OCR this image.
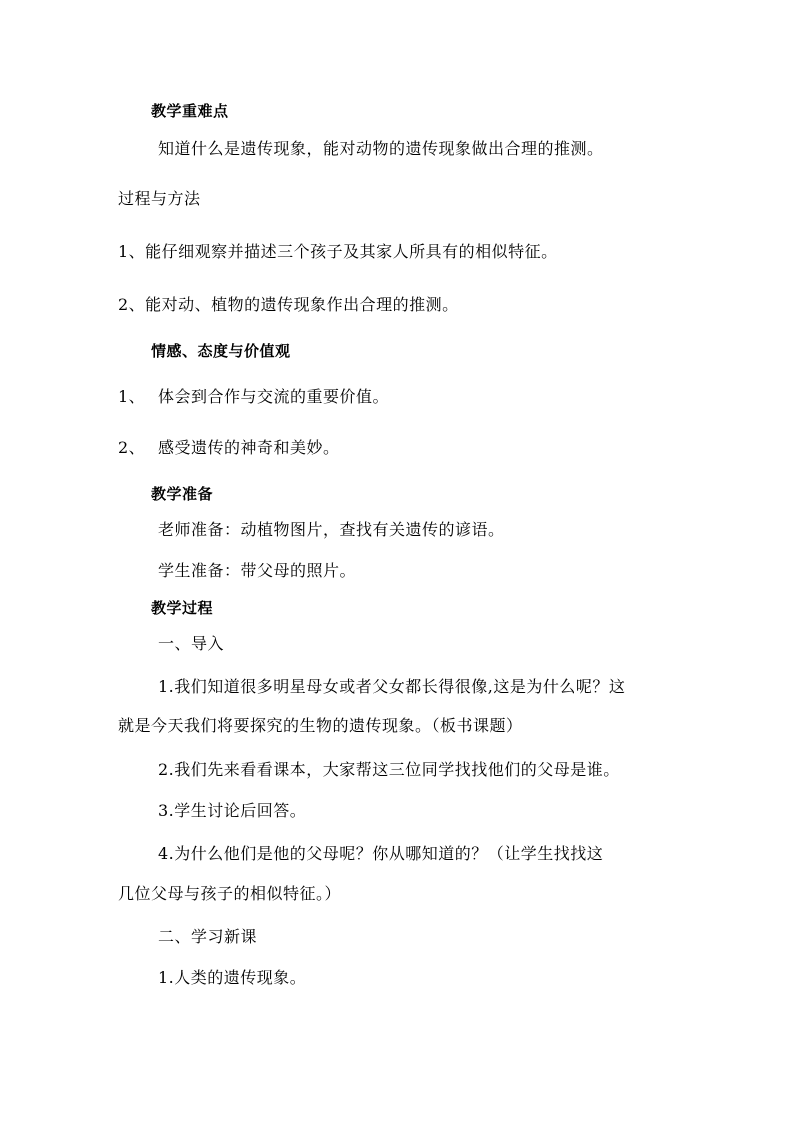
教学重难点
知道什么是遗传现象，能对动物的遗传现象做出合理的推测。
过程与方法
1、能仔细观察并描述三个孩子及其家人所具有的相似特征。
2、能对动、植物的遗传现象作出合理的推测。
情感、态度与价值观
1、 体会到合作与交流的重要价值。
2、 感受遗传的神奇和美妙。
教学准备
老师准备：动植物图片，查找有关遗传的谚语。
学生准备：带父母的照片。
教学过程
一、导入
1.我们知道很多明星母女或者父女都长得很像,这是为什么呢？这
就是今天我们将要探究的生物的遗传现象。（板书课题）
2.我们先来看看课本，大家帮这三位同学找找他们的父母是谁。
3.学生讨论后回答。
4.为什么他们是他的父母呢？你从哪知道的？（让学生找找这
几位父母与孩子的相似特征。）
二、学习新课
1.人类的遗传现象。
